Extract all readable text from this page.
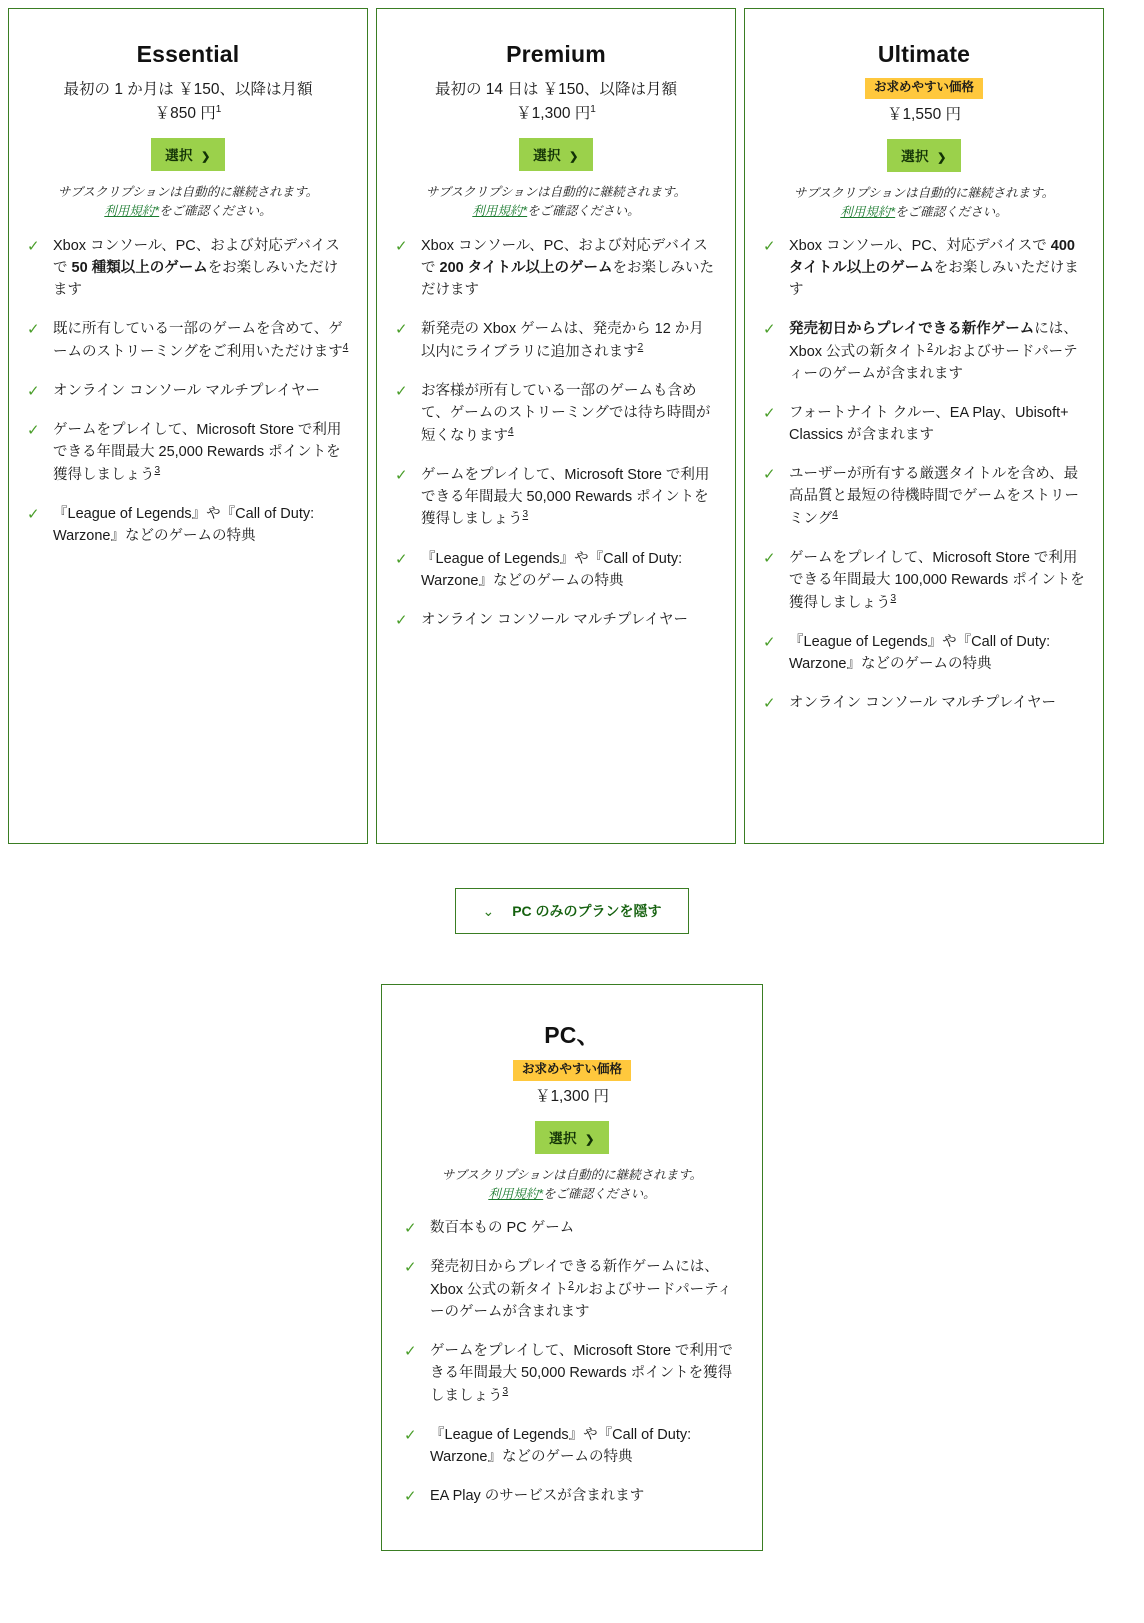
Essential
最初の 1 か月は ￥150、以降は月額
￥850 円$^1$
選択 ❯
サブスクリプションは自動的に継続されます。
利用規約*をご確認ください。
✓ Xbox コンソール、PC、および対応デバイスで 50 種類以上のゲームをお楽しみいただけます
✓ 既に所有している一部のゲームを含めて、ゲームのストリーミングをご利用いただけます$^4$
✓ オンライン コンソール マルチプレイヤー
✓ ゲームをプレイして、Microsoft Store で利用できる年間最大 25,000 Rewards ポイントを獲得しましょう$^3$
✓ 『League of Legends』や『Call of Duty: Warzone』などのゲームの特典
Premium
最初の 14 日は ￥150、以降は月額
￥1,300 円$^1$
選択 ❯
サブスクリプションは自動的に継続されます。
利用規約*をご確認ください。
✓ Xbox コンソール、PC、および対応デバイスで 200 タイトル以上のゲームをお楽しみいただけます
✓ 新発売の Xbox ゲームは、発売から 12 か月以内にライブラリに追加されます$^2$
✓ お客様が所有している一部のゲームも含めて、ゲームのストリーミングでは待ち時間が短くなります$^4$
✓ ゲームをプレイして、Microsoft Store で利用できる年間最大 50,000 Rewards ポイントを獲得しましょう$^3$
✓ 『League of Legends』や『Call of Duty: Warzone』などのゲームの特典
✓ オンライン コンソール マルチプレイヤー
Ultimate
お求めやすい価格
￥1,550 円
選択 ❯
サブスクリプションは自動的に継続されます。
利用規約*をご確認ください。
✓ Xbox コンソール、PC、対応デバイスで 400 タイトル以上のゲームをお楽しみいただけます
✓ 発売初日からプレイできる新作ゲームには、Xbox 公式の新タイト$^2$ルおよびサードパーティーのゲームが含まれます
✓ フォートナイト クルー、EA Play、Ubisoft+ Classics が含まれます
✓ ユーザーが所有する厳選タイトルを含め、最高品質と最短の待機時間でゲームをストリーミング$^4$
✓ ゲームをプレイして、Microsoft Store で利用できる年間最大 100,000 Rewards ポイントを獲得しましょう$^3$
✓ 『League of Legends』や『Call of Duty: Warzone』などのゲームの特典
✓ オンライン コンソール マルチプレイヤー
⌄ PC のみのプランを隠す
PC、
お求めやすい価格
￥1,300 円
選択 ❯
サブスクリプションは自動的に継続されます。
利用規約*をご確認ください。
✓ 数百本もの PC ゲーム
✓ 発売初日からプレイできる新作ゲームには、Xbox 公式の新タイト$^2$ルおよびサードパーティーのゲームが含まれます
✓ ゲームをプレイして、Microsoft Store で利用できる年間最大 50,000 Rewards ポイントを獲得しましょう$^3$
✓ 『League of Legends』や『Call of Duty: Warzone』などのゲームの特典
✓ EA Play のサービスが含まれます
